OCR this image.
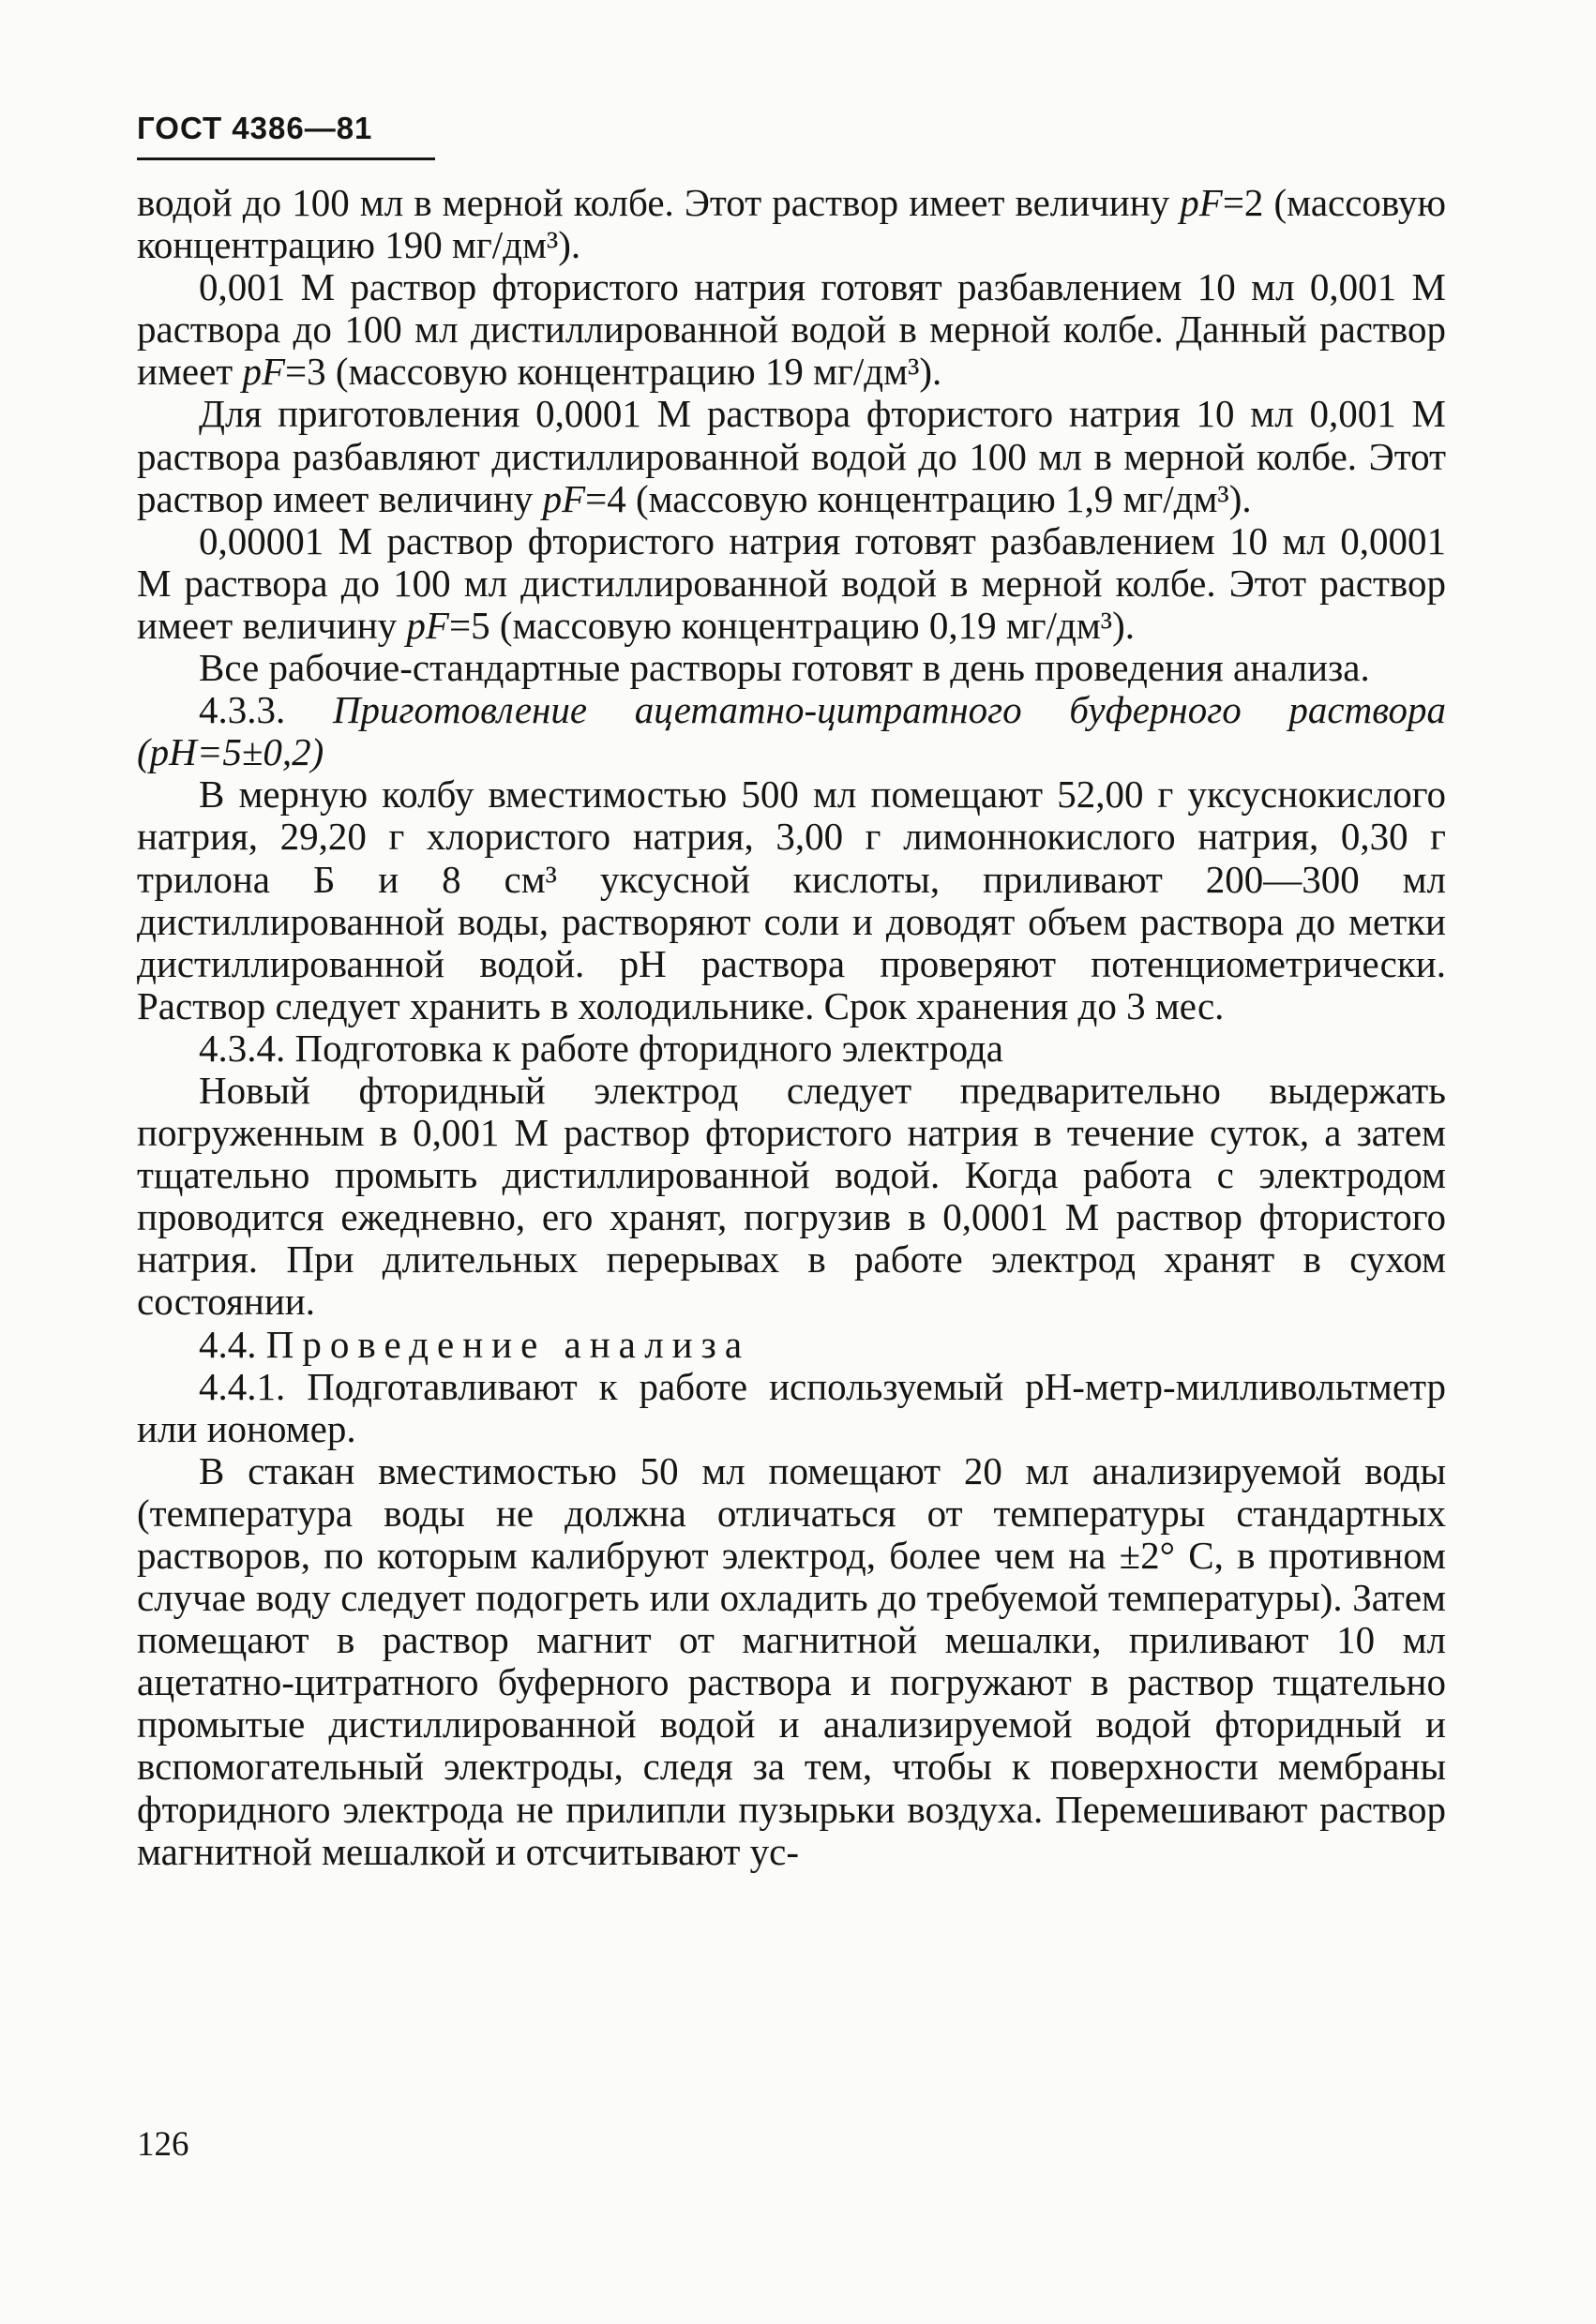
ГОСТ 4386—81

водой до 100 мл в мерной колбе. Этот раствор имеет величину pF=2 (массовую концентрацию 190 мг/дм³).

0,001 М раствор фтористого натрия готовят разбавлением 10 мл 0,001 М раствора до 100 мл дистиллированной водой в мерной колбе. Данный раствор имеет pF=3 (массовую концентрацию 19 мг/дм³).

Для приготовления 0,0001 М раствора фтористого натрия 10 мл 0,001 М раствора разбавляют дистиллированной водой до 100 мл в мерной колбе. Этот раствор имеет величину pF=4 (массовую концентрацию 1,9 мг/дм³).

0,00001 М раствор фтористого натрия готовят разбавлением 10 мл 0,0001 М раствора до 100 мл дистиллированной водой в мерной колбе. Этот раствор имеет величину pF=5 (массовую концентрацию 0,19 мг/дм³).

Все рабочие-стандартные растворы готовят в день проведения анализа.

4.3.3. Приготовление ацетатно-цитратного буферного раствора (pH=5±0,2)

В мерную колбу вместимостью 500 мл помещают 52,00 г уксуснокислого натрия, 29,20 г хлористого натрия, 3,00 г лимоннокислого натрия, 0,30 г трилона Б и 8 см³ уксусной кислоты, приливают 200—300 мл дистиллированной воды, растворяют соли и доводят объем раствора до метки дистиллированной водой. pH раствора проверяют потенциометрически. Раствор следует хранить в холодильнике. Срок хранения до 3 мес.

4.3.4. Подготовка к работе фторидного электрода

Новый фторидный электрод следует предварительно выдержать погруженным в 0,001 М раствор фтористого натрия в течение суток, а затем тщательно промыть дистиллированной водой. Когда работа с электродом проводится ежедневно, его хранят, погрузив в 0,0001 М раствор фтористого натрия. При длительных перерывах в работе электрод хранят в сухом состоянии.

4.4. Проведение анализа

4.4.1. Подготавливают к работе используемый pH-метр-милливольтметр или иономер.

В стакан вместимостью 50 мл помещают 20 мл анализируемой воды (температура воды не должна отличаться от температуры стандартных растворов, по которым калибруют электрод, более чем на ±2° С, в противном случае воду следует подогреть или охладить до требуемой температуры). Затем помещают в раствор магнит от магнитной мешалки, приливают 10 мл ацетатно-цитратного буферного раствора и погружают в раствор тщательно промытые дистиллированной водой и анализируемой водой фторидный и вспомогательный электроды, следя за тем, чтобы к поверхности мембраны фторидного электрода не прилипли пузырьки воздуха. Перемешивают раствор магнитной мешалкой и отсчитывают ус-

126
